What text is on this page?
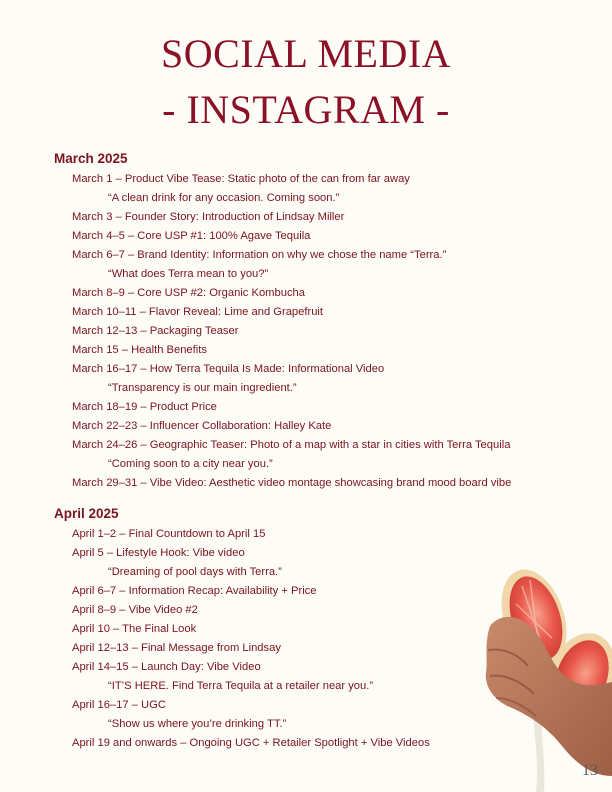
SOCIAL MEDIA
- INSTAGRAM -
March 2025
March 1 – Product Vibe Tease: Static photo of the can from far away
“A clean drink for any occasion. Coming soon.”
March 3 – Founder Story: Introduction of Lindsay Miller
March 4–5 – Core USP #1: 100% Agave Tequila
March 6–7 – Brand Identity: Information on why we chose the name “Terra.”
“What does Terra mean to you?”
March 8–9 – Core USP #2: Organic Kombucha
March 10–11 – Flavor Reveal: Lime and Grapefruit
March 12–13 – Packaging Teaser
March 15 – Health Benefits
March 16–17 – How Terra Tequila Is Made: Informational Video
“Transparency is our main ingredient.”
March 18–19 – Product Price
March 22–23 – Influencer Collaboration: Halley Kate
March 24–26 – Geographic Teaser: Photo of a map with a star in cities with Terra Tequila
“Coming soon to a city near you.”
March 29–31 – Vibe Video: Aesthetic video montage showcasing brand mood board vibe
April 2025
April 1–2 – Final Countdown to April 15
April 5 – Lifestyle Hook: Vibe video
“Dreaming of pool days with Terra.”
April 6–7 – Information Recap: Availability + Price
April 8–9 – Vibe Video #2
April 10 – The Final Look
April 12–13 – Final Message from Lindsay
April 14–15 – Launch Day: Vibe Video
“IT’S HERE. Find Terra Tequila at a retailer near you.”
April 16–17 – UGC
“Show us where you’re drinking TT.”
April 19 and onwards – Ongoing UGC + Retailer Spotlight + Vibe Videos
13
